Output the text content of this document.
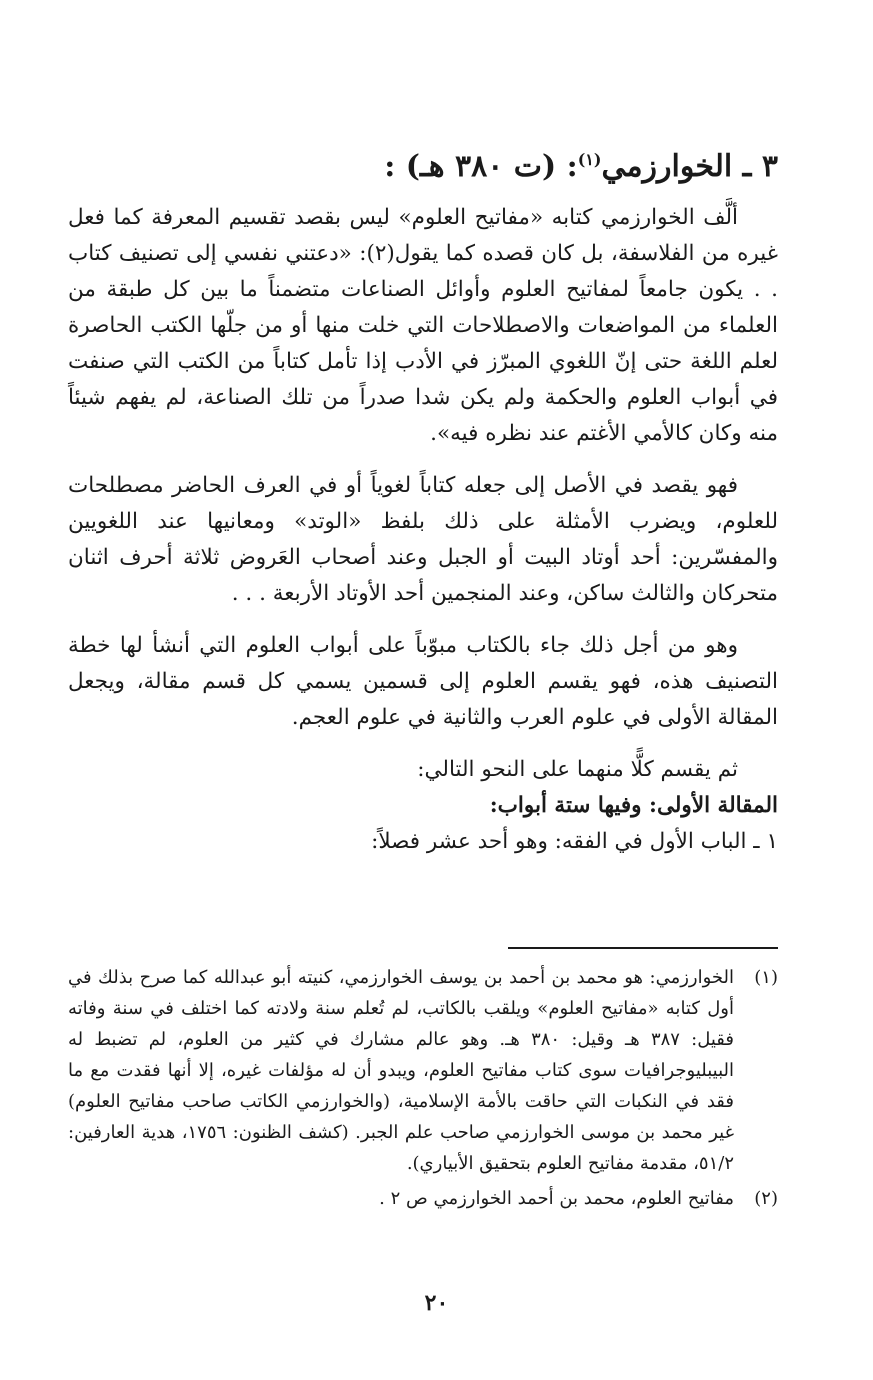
٣ ـ الخوارزمي$^{(١)}$: (ت ٣٨٠ هـ) :

ألَّف الخوارزمي كتابه «مفاتيح العلوم» ليس بقصد تقسيم المعرفة كما فعل غيره من الفلاسفة، بل كان قصده كما يقول(٢): «دعتني نفسي إلى تصنيف كتاب . . يكون جامعاً لمفاتيح العلوم وأوائل الصناعات متضمناً ما بين كل طبقة من العلماء من المواضعات والاصطلاحات التي خلت منها أو من جلّها الكتب الحاصرة لعلم اللغة حتى إنّ اللغوي المبرّز في الأدب إذا تأمل كتاباً من الكتب التي صنفت في أبواب العلوم والحكمة ولم يكن شدا صدراً من تلك الصناعة، لم يفهم شيئاً منه وكان كالأمي الأغتم عند نظره فيه».

فهو يقصد في الأصل إلى جعله كتاباً لغوياً أو في العرف الحاضر مصطلحات للعلوم، ويضرب الأمثلة على ذلك بلفظ «الوتد» ومعانيها عند اللغويين والمفسّرين: أحد أوتاد البيت أو الجبل وعند أصحاب العَروض ثلاثة أحرف اثنان متحركان والثالث ساكن، وعند المنجمين أحد الأوتاد الأربعة . . .

وهو من أجل ذلك جاء بالكتاب مبوّباً على أبواب العلوم التي أنشأ لها خطة التصنيف هذه، فهو يقسم العلوم إلى قسمين يسمي كل قسم مقالة، ويجعل المقالة الأولى في علوم العرب والثانية في علوم العجم.

ثم يقسم كلًّا منهما على النحو التالي:
المقالة الأولى: وفيها ستة أبواب:
١ ـ الباب الأول في الفقه: وهو أحد عشر فصلاً:
(١)
الخوارزمي: هو محمد بن أحمد بن يوسف الخوارزمي، كنيته أبو عبدالله كما صرح بذلك في أول كتابه «مفاتيح العلوم» ويلقب بالكاتب، لم تُعلم سنة ولادته كما اختلف في سنة وفاته فقيل: ٣٨٧ هـ وقيل: ٣٨٠ هـ. وهو عالم مشارك في كثير من العلوم، لم تضبط له البيبليوجرافيات سوى كتاب مفاتيح العلوم، ويبدو أن له مؤلفات غيره، إلا أنها فقدت مع ما فقد في النكبات التي حاقت بالأمة الإسلامية، (والخوارزمي الكاتب صاحب مفاتيح العلوم) غير محمد بن موسى الخوارزمي صاحب علم الجبر. (كشف الظنون: ١٧٥٦، هدية العارفين: ٥١/٢، مقدمة مفاتيح العلوم بتحقيق الأبياري).
(٢)
مفاتيح العلوم، محمد بن أحمد الخوارزمي ص ٢ .
٢٠
